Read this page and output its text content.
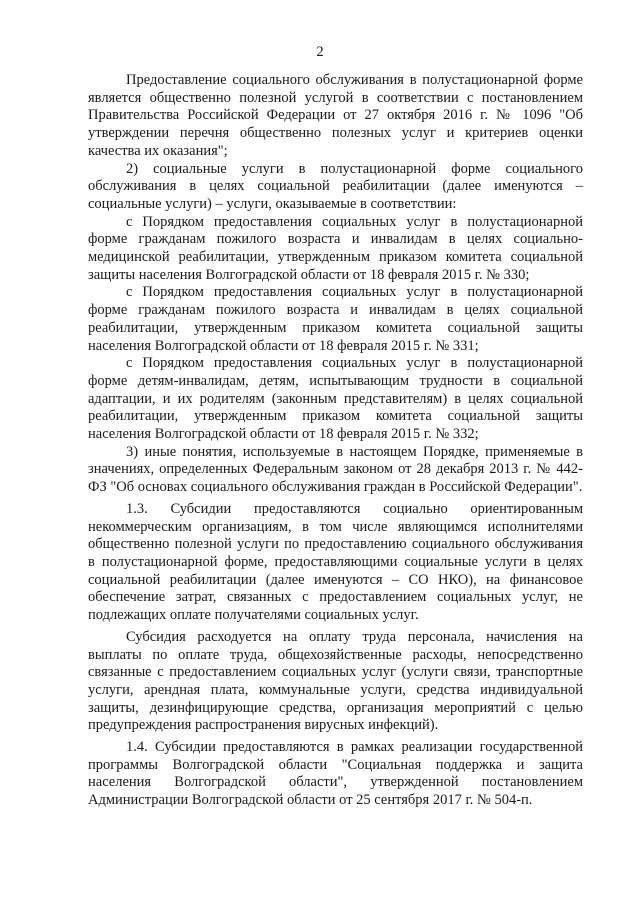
2

Предоставление социального обслуживания в полустационарной форме является общественно полезной услугой в соответствии с постановлением Правительства Российской Федерации от 27 октября 2016 г. № 1096 "Об утверждении перечня общественно полезных услуг и критериев оценки качества их оказания";

2) социальные услуги в полустационарной форме социального обслуживания в целях социальной реабилитации (далее именуются – социальные услуги) – услуги, оказываемые в соответствии:

с Порядком предоставления социальных услуг в полустационарной форме гражданам пожилого возраста и инвалидам в целях социально-медицинской реабилитации, утвержденным приказом комитета социальной защиты населения Волгоградской области от 18 февраля 2015 г. № 330;

с Порядком предоставления социальных услуг в полустационарной форме гражданам пожилого возраста и инвалидам в целях социальной реабилитации, утвержденным приказом комитета социальной защиты населения Волгоградской области от 18 февраля 2015 г. № 331;

с Порядком предоставления социальных услуг в полустационарной форме детям-инвалидам, детям, испытывающим трудности в социальной адаптации, и их родителям (законным представителям) в целях социальной реабилитации, утвержденным приказом комитета социальной защиты населения Волгоградской области от 18 февраля 2015 г. № 332;

3) иные понятия, используемые в настоящем Порядке, применяемые в значениях, определенных Федеральным законом от 28 декабря 2013 г. № 442-ФЗ "Об основах социального обслуживания граждан в Российской Федерации".

1.3. Субсидии предоставляются социально ориентированным некоммерческим организациям, в том числе являющимся исполнителями общественно полезной услуги по предоставлению социального обслуживания в полустационарной форме, предоставляющими социальные услуги в целях социальной реабилитации (далее именуются – СО НКО), на финансовое обеспечение затрат, связанных с предоставлением социальных услуг, не подлежащих оплате получателями социальных услуг.

Субсидия расходуется на оплату труда персонала, начисления на выплаты по оплате труда, общехозяйственные расходы, непосредственно связанные с предоставлением социальных услуг (услуги связи, транспортные услуги, арендная плата, коммунальные услуги, средства индивидуальной защиты, дезинфицирующие средства, организация мероприятий с целью предупреждения распространения вирусных инфекций).

1.4. Субсидии предоставляются в рамках реализации государственной программы Волгоградской области "Социальная поддержка и защита населения Волгоградской области", утвержденной постановлением Администрации Волгоградской области от 25 сентября 2017 г. № 504-п.
